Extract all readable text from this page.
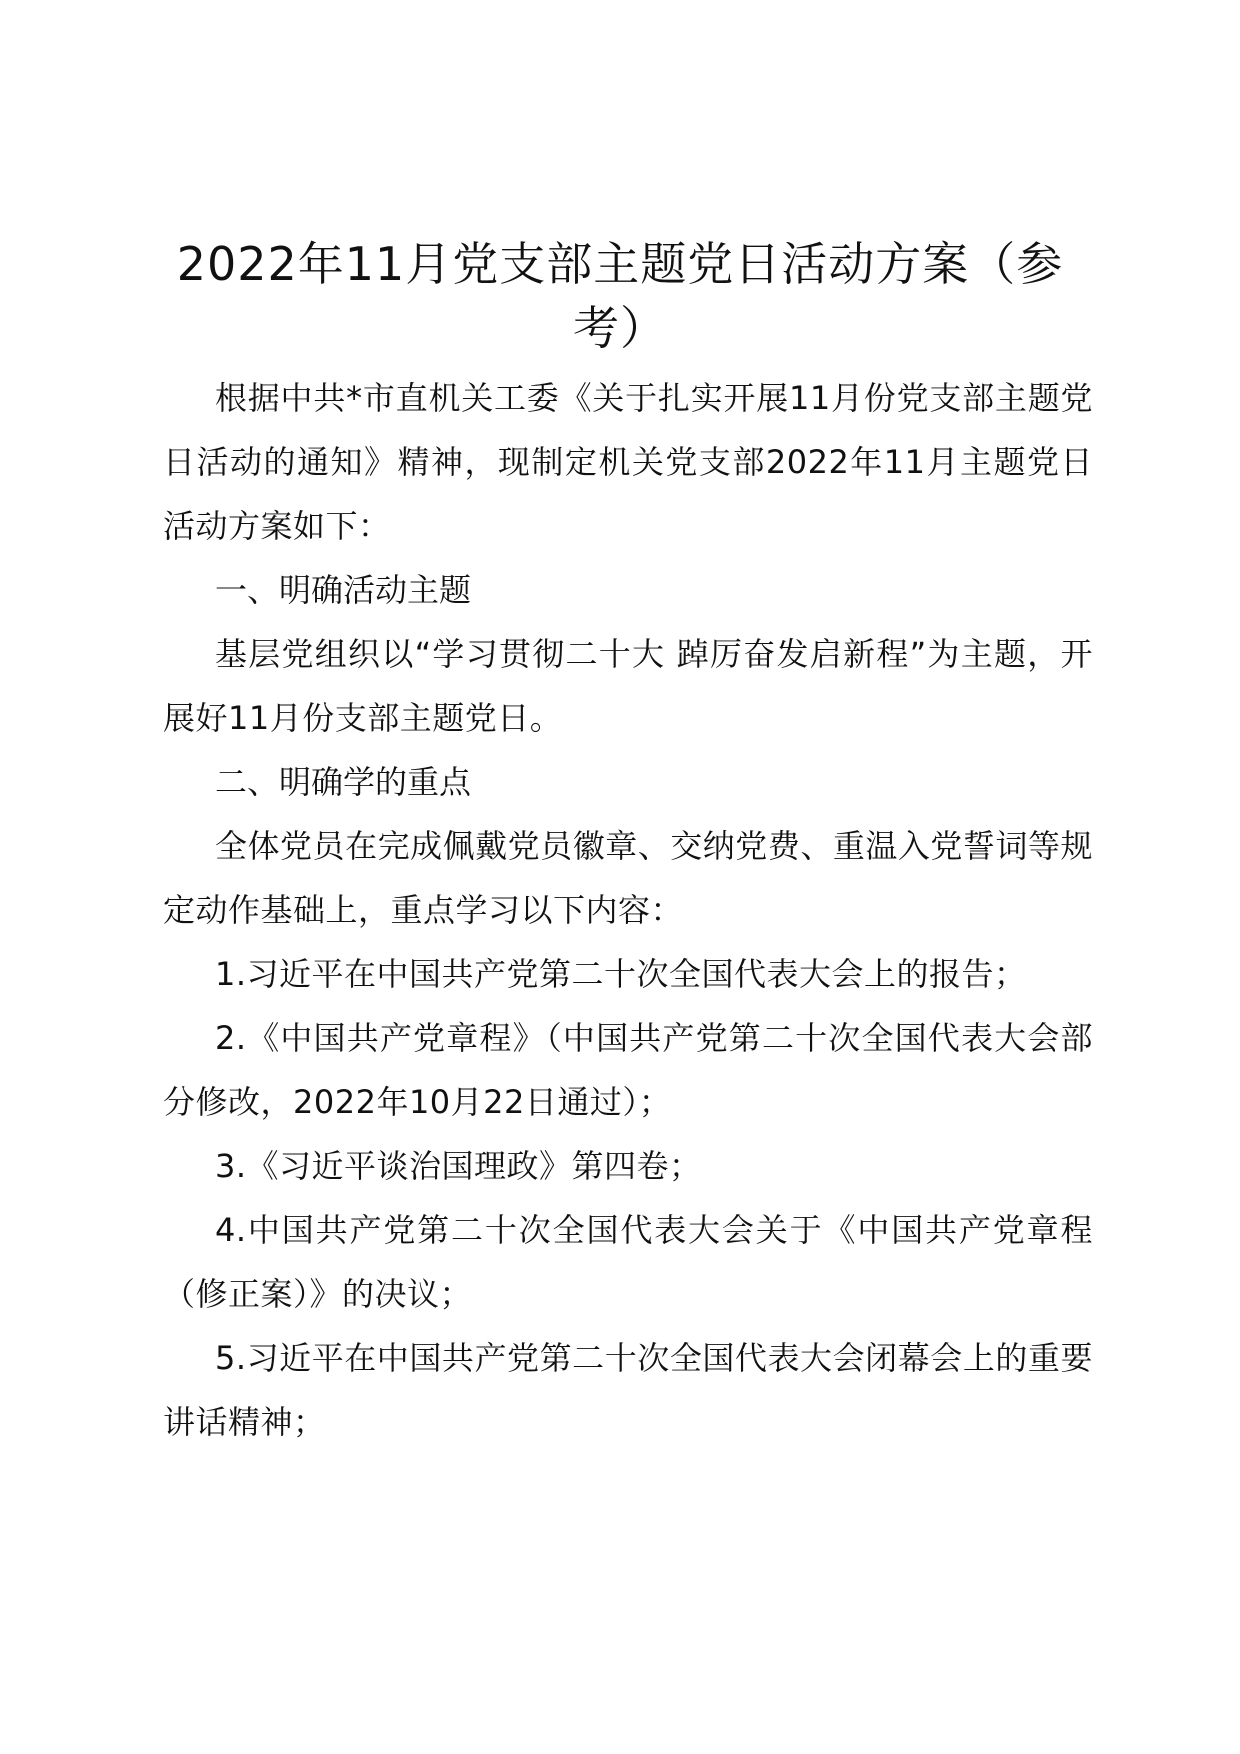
2022年11月党支部主题党日活动方案（参考）

根据中共*市直机关工委《关于扎实开展11月份党支部主题党日活动的通知》精神，现制定机关党支部2022年11月主题党日活动方案如下：

一、明确活动主题

基层党组织以“学习贯彻二十大 踔厉奋发启新程”为主题，开展好11月份支部主题党日。

二、明确学的重点

全体党员在完成佩戴党员徽章、交纳党费、重温入党誓词等规定动作基础上，重点学习以下内容：

1.习近平在中国共产党第二十次全国代表大会上的报告；

2.《中国共产党章程》（中国共产党第二十次全国代表大会部分修改，2022年10月22日通过）；

3.《习近平谈治国理政》第四卷；

4.中国共产党第二十次全国代表大会关于《中国共产党章程（修正案）》的决议；

5.习近平在中国共产党第二十次全国代表大会闭幕会上的重要讲话精神；
